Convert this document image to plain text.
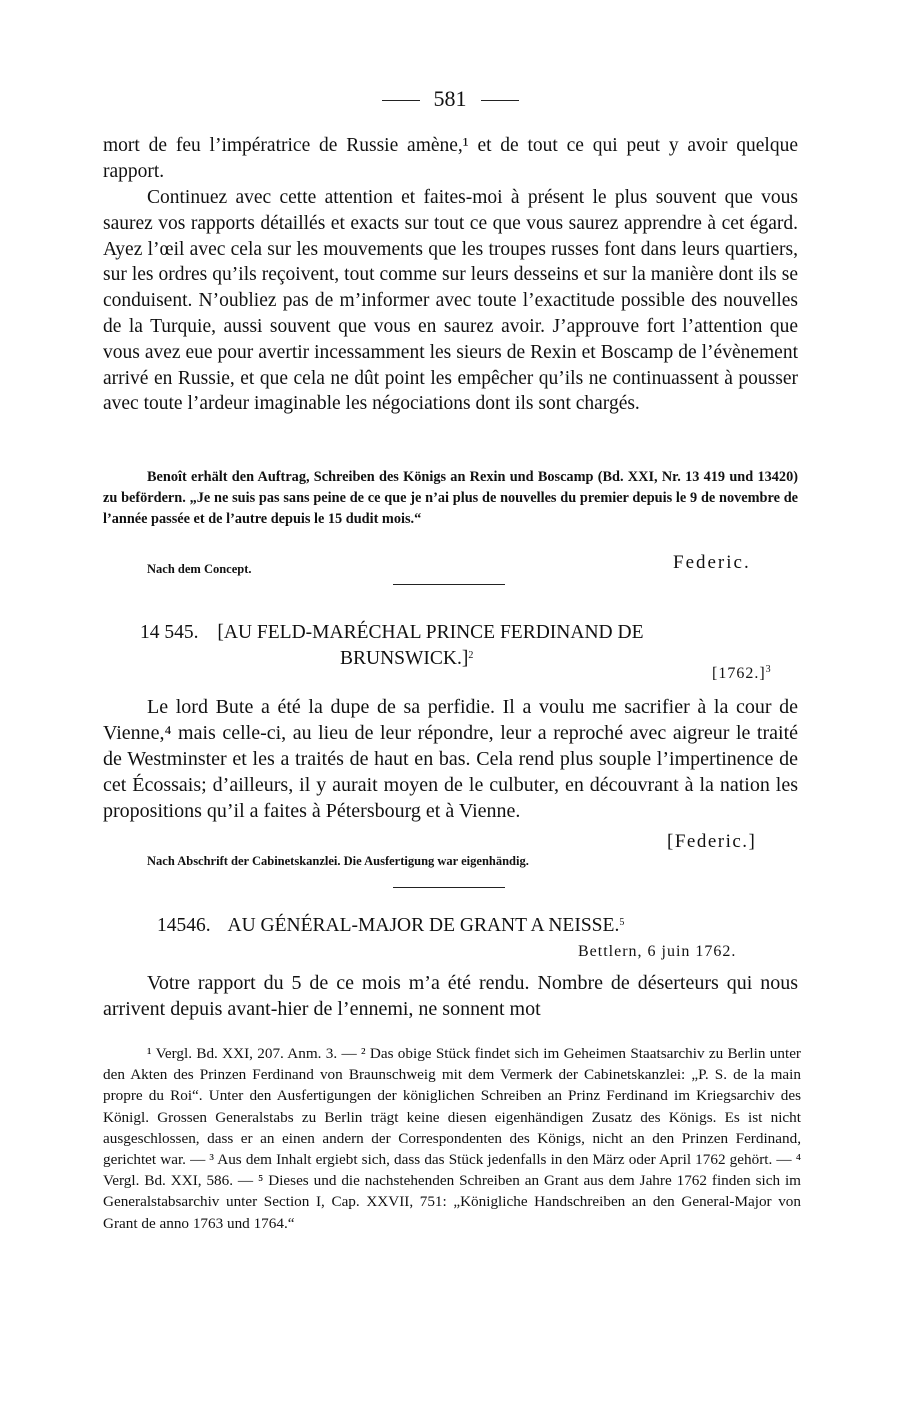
581
mort de feu l’impératrice de Russie amène,¹ et de tout ce qui peut y avoir quelque rapport.
Continuez avec cette attention et faites-moi à présent le plus souvent que vous saurez vos rapports détaillés et exacts sur tout ce que vous saurez apprendre à cet égard. Ayez l’œil avec cela sur les mouvements que les troupes russes font dans leurs quartiers, sur les ordres qu’ils reçoivent, tout comme sur leurs desseins et sur la manière dont ils se conduisent. N’oubliez pas de m’informer avec toute l’exactitude possible des nouvelles de la Turquie, aussi souvent que vous en saurez avoir. J’approuve fort l’attention que vous avez eue pour avertir incessamment les sieurs de Rexin et Boscamp de l’évènement arrivé en Russie, et que cela ne dût point les empêcher qu’ils ne continuassent à pousser avec toute l’ardeur imaginable les négociations dont ils sont chargés.
Benoît erhält den Auftrag, Schreiben des Königs an Rexin und Boscamp (Bd. XXI, Nr. 13 419 und 13420) zu befördern. „Je ne suis pas sans peine de ce que je n’ai plus de nouvelles du premier depuis le 9 de novembre de l’année passée et de l’autre depuis le 15 dudit mois.“
Nach dem Concept.	Federic.
14 545. [AU FELD-MARÉCHAL PRINCE FERDINAND DE
BRUNSWICK.]$^2$
$[1762.]^3$
Le lord Bute a été la dupe de sa perfidie. Il a voulu me sacrifier à la cour de Vienne,⁴ mais celle-ci, au lieu de leur répondre, leur a reproché avec aigreur le traité de Westminster et les a traités de haut en bas. Cela rend plus souple l’impertinence de cet Écossais; d’ailleurs, il y aurait moyen de le culbuter, en découvrant à la nation les propositions qu’il a faites à Pétersbourg et à Vienne.
[Federic.]
Nach Abschrift der Cabinetskanzlei. Die Ausfertigung war eigenhändig.
14546. AU GÉNÉRAL-MAJOR DE GRANT A NEISSE.$^5$
Bettlern, 6 juin 1762.
Votre rapport du 5 de ce mois m’a été rendu. Nombre de déserteurs qui nous arrivent depuis avant-hier de l’ennemi, ne sonnent mot
¹ Vergl. Bd. XXI, 207. Anm. 3. — ² Das obige Stück findet sich im Geheimen Staatsarchiv zu Berlin unter den Akten des Prinzen Ferdinand von Braunschweig mit dem Vermerk der Cabinetskanzlei: „P. S. de la main propre du Roi“. Unter den Ausfertigungen der königlichen Schreiben an Prinz Ferdinand im Kriegsarchiv des Königl. Grossen Generalstabs zu Berlin trägt keine diesen eigenhändigen Zusatz des Königs. Es ist nicht ausgeschlossen, dass er an einen andern der Correspondenten des Königs, nicht an den Prinzen Ferdinand, gerichtet war. — ³ Aus dem Inhalt ergiebt sich, dass das Stück jedenfalls in den März oder April 1762 gehört. — ⁴ Vergl. Bd. XXI, 586. — ⁵ Dieses und die nachstehenden Schreiben an Grant aus dem Jahre 1762 finden sich im Generalstabsarchiv unter Section I, Cap. XXVII, 751: „Königliche Handschreiben an den General-Major von Grant de anno 1763 und 1764.“
